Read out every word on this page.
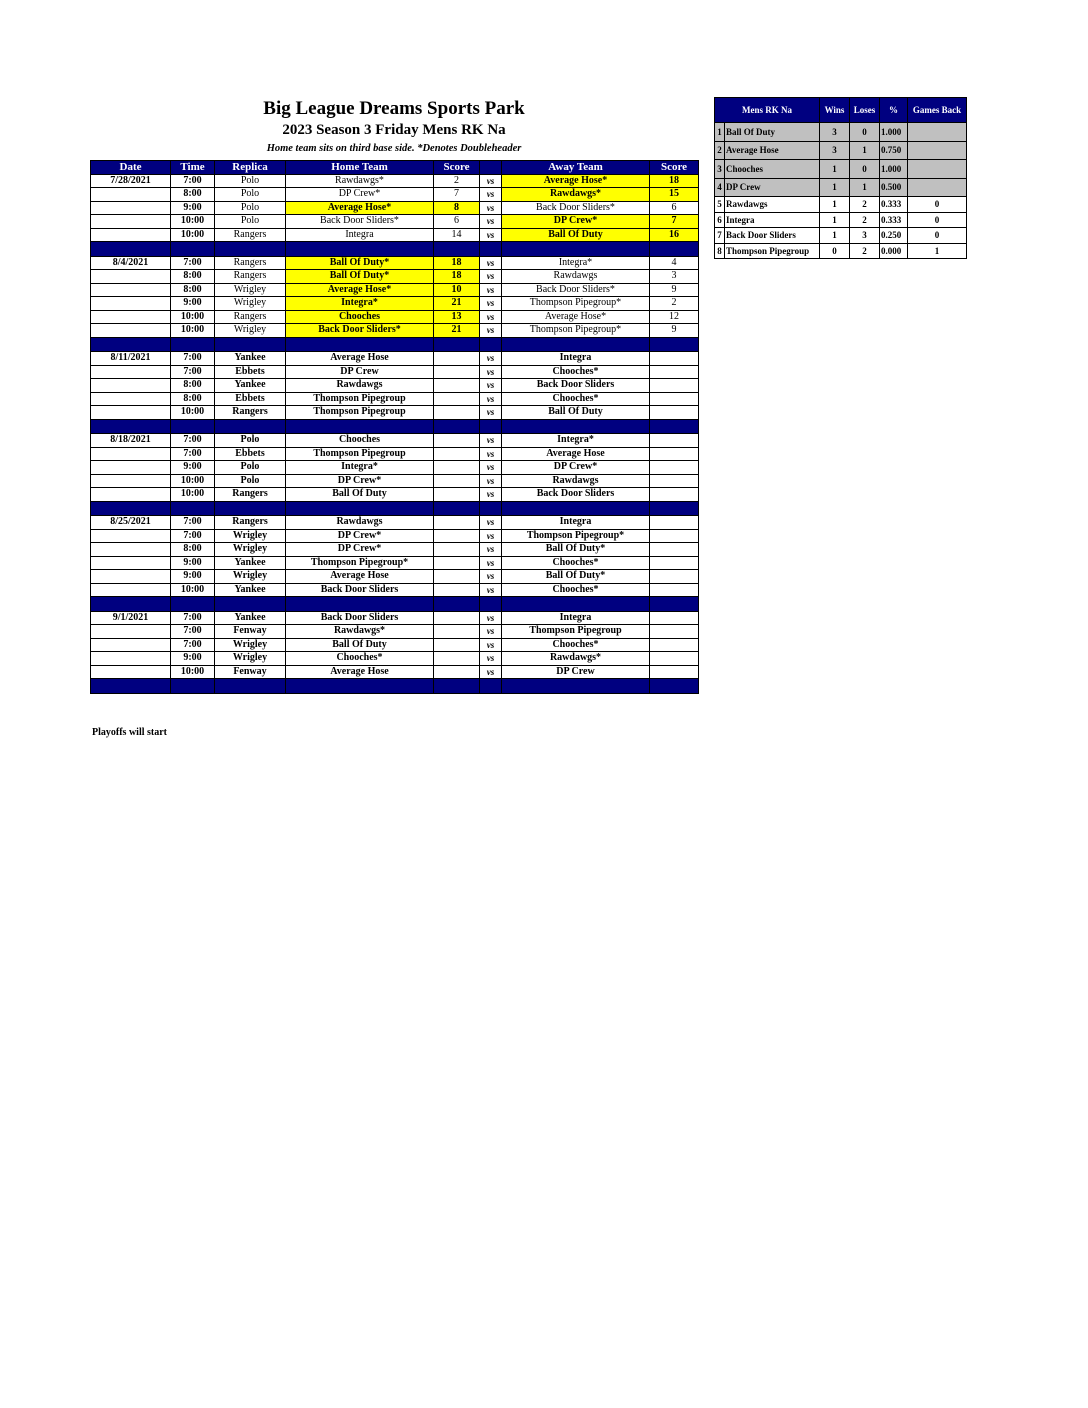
Big League Dreams Sports Park
2023 Season 3 Friday Mens RK Na
Home team sits on third base side. *Denotes Doubleheader
Date	Time	Replica	Home Team	Score		Away Team	Score
7/28/2021	7:00	Polo	Rawdawgs*	2	vs	Average Hose*	18
	8:00	Polo	DP Crew*	7	vs	Rawdawgs*	15
	9:00	Polo	Average Hose*	8	vs	Back Door Sliders*	6
	10:00	Polo	Back Door Sliders*	6	vs	DP Crew*	7
	10:00	Rangers	Integra	14	vs	Ball Of Duty	16

8/4/2021	7:00	Rangers	Ball Of Duty*	18	vs	Integra*	4
	8:00	Rangers	Ball Of Duty*	18	vs	Rawdawgs	3
	8:00	Wrigley	Average Hose*	10	vs	Back Door Sliders*	9
	9:00	Wrigley	Integra*	21	vs	Thompson Pipegroup*	2
	10:00	Rangers	Chooches	13	vs	Average Hose*	12
	10:00	Wrigley	Back Door Sliders*	21	vs	Thompson Pipegroup*	9

8/11/2021	7:00	Yankee	Average Hose		vs	Integra	
	7:00	Ebbets	DP Crew		vs	Chooches*	
	8:00	Yankee	Rawdawgs		vs	Back Door Sliders	
	8:00	Ebbets	Thompson Pipegroup		vs	Chooches*	
	10:00	Rangers	Thompson Pipegroup		vs	Ball Of Duty	

8/18/2021	7:00	Polo	Chooches		vs	Integra*	
	7:00	Ebbets	Thompson Pipegroup		vs	Average Hose	
	9:00	Polo	Integra*		vs	DP Crew*	
	10:00	Polo	DP Crew*		vs	Rawdawgs	
	10:00	Rangers	Ball Of Duty		vs	Back Door Sliders	

8/25/2021	7:00	Rangers	Rawdawgs		vs	Integra	
	7:00	Wrigley	DP Crew*		vs	Thompson Pipegroup*	
	8:00	Wrigley	DP Crew*		vs	Ball Of Duty*	
	9:00	Yankee	Thompson Pipegroup*		vs	Chooches*	
	9:00	Wrigley	Average Hose		vs	Ball Of Duty*	
	10:00	Yankee	Back Door Sliders		vs	Chooches*	

9/1/2021	7:00	Yankee	Back Door Sliders		vs	Integra	
	7:00	Fenway	Rawdawgs*		vs	Thompson Pipegroup	
	7:00	Wrigley	Ball Of Duty		vs	Chooches*	
	9:00	Wrigley	Chooches*		vs	Rawdawgs*	
	10:00	Fenway	Average Hose		vs	DP Crew	

Playoffs will start
Mens RK Na		Wins	Loses	%	Games Back
1	Ball Of Duty	3	0	1.000	
2	Average Hose	3	1	0.750	
3	Chooches	1	0	1.000	
4	DP Crew	1	1	0.500	
5	Rawdawgs	1	2	0.333	0
6	Integra	1	2	0.333	0
7	Back Door Sliders	1	3	0.250	0
8	Thompson Pipegroup	0	2	0.000	1
